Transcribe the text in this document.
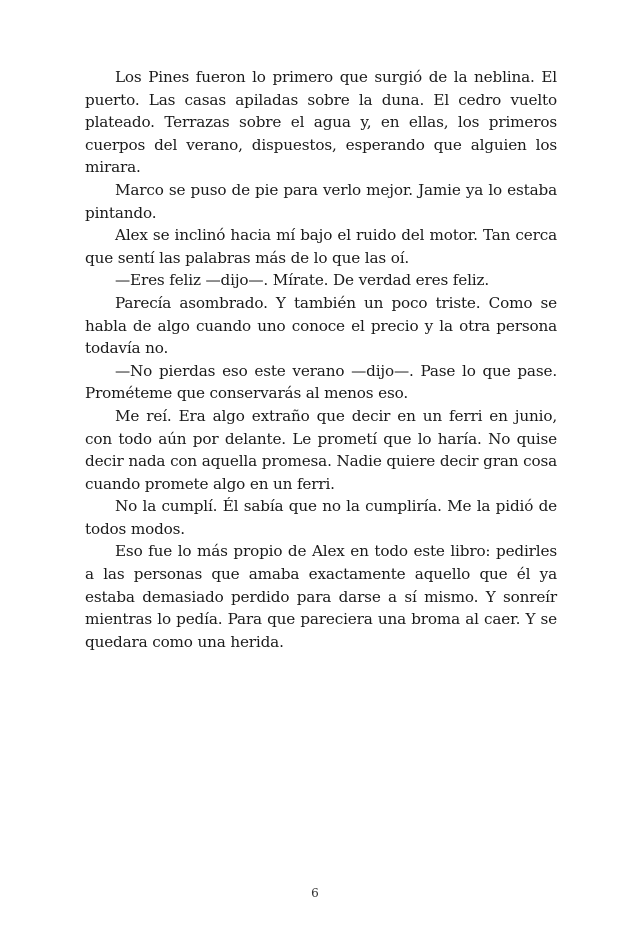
Los Pines fueron lo primero que surgió de la neblina. El puerto. Las casas apiladas sobre la duna. El cedro vuelto plateado. Terrazas sobre el agua y, en ellas, los primeros cuerpos del verano, dispuestos, esperando que alguien los mirara.

Marco se puso de pie para verlo mejor. Jamie ya lo estaba pintando.

Alex se inclinó hacia mí bajo el ruido del motor. Tan cerca que sentí las palabras más de lo que las oí.

—Eres feliz —dijo—. Mírate. De verdad eres feliz.

Parecía asombrado. Y también un poco triste. Como se habla de algo cuando uno conoce el precio y la otra persona todavía no.

—No pierdas eso este verano —dijo—. Pase lo que pase. Prométeme que conservarás al menos eso.

Me reí. Era algo extraño que decir en un ferri en junio, con todo aún por delante. Le prometí que lo haría. No quise decir nada con aquella promesa. Nadie quiere decir gran cosa cuando promete algo en un ferri.

No la cumplí. Él sabía que no la cumpliría. Me la pidió de todos modos.

Eso fue lo más propio de Alex en todo este libro: pedirles a las personas que amaba exactamente aquello que él ya estaba demasiado perdido para darse a sí mismo. Y sonreír mientras lo pedía. Para que pareciera una broma al caer. Y se quedara como una herida.

6
